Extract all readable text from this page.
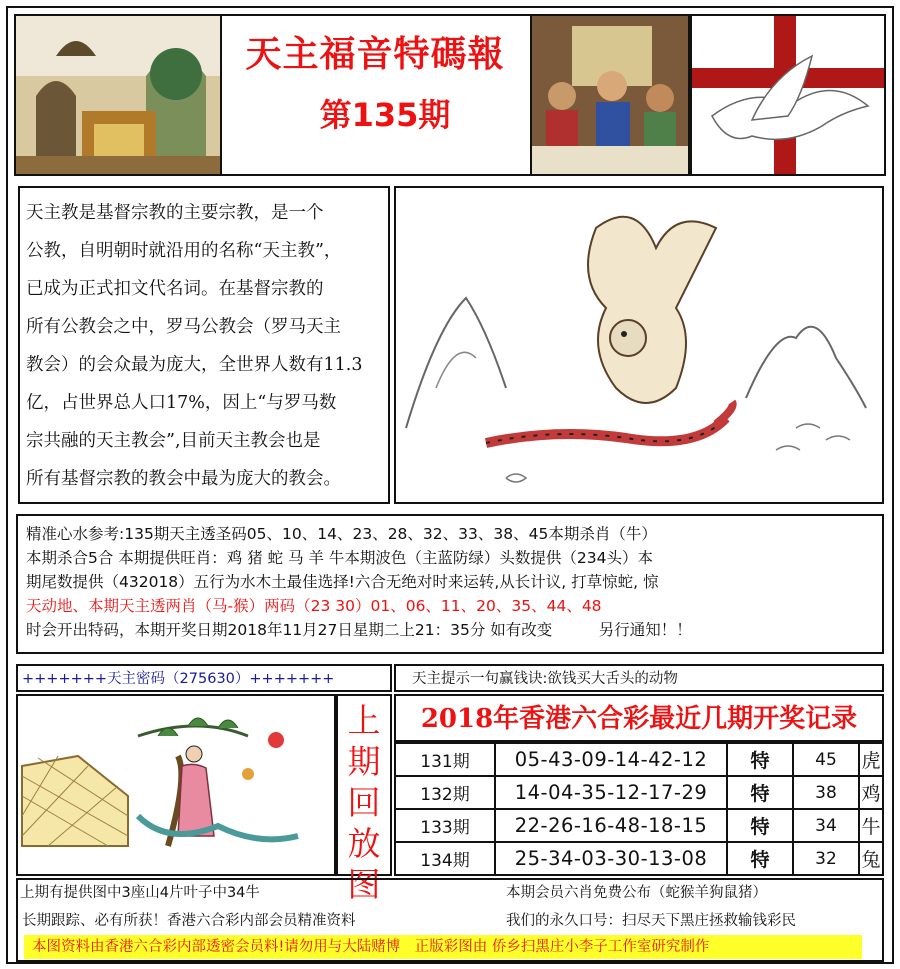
天主福音特碼報
第135期
天主教是基督宗教的主要宗教，是一个
公教，自明朝时就沿用的名称“天主教”，
已成为正式扣文代名词。在基督宗教的
所有公教会之中，罗马公教会（罗马天主
教会）的会众最为庞大，全世界人数有11.3
亿，占世界总人口17%，因上“与罗马数
宗共融的天主教会”,目前天主教会也是
所有基督宗教的教会中最为庞大的教会。
精准心水参考:135期天主透圣码05、10、14、23、28、32、33、38、45本期杀肖（牛）
本期杀合5合 本期提供旺肖：鸡 猪 蛇 马 羊 牛本期波色（主蓝防绿）头数提供（234头）本
期尾数提供（432018）五行为水木土最佳选择!六合无绝对时来运转,从长计议, 打草惊蛇, 惊
天动地、本期天主透两肖（马-猴）两码（23 30）01、06、11、20、35、44、48
时会开出特码，本期开奖日期2018年11月27日星期二上21：35分 如有改变　　　另行通知！！
+++++++天主密码（275630）+++++++	天主提示一句赢钱诀:欲钱买大舌头的动物
上
期
回
放
图
2018年香港六合彩最近几期开奖记录
131期	05-43-09-14-42-12	特	45	虎
132期	14-04-35-12-17-29	特	38	鸡
133期	22-26-16-48-18-15	特	34	牛
134期	25-34-03-30-13-08	特	32	兔
上期有提供图中3座山4片叶子中34牛	本期会员六肖免费公布（蛇猴羊狗鼠猪）
长期跟踪、必有所获！香港六合彩内部会员精准资料	我们的永久口号：扫尽天下黑庄拯救输钱彩民
本图资料由香港六合彩内部透密会员料!请勿用与大陆赌博　正版彩图由 侨乡扫黑庄小李子工作室研究制作
